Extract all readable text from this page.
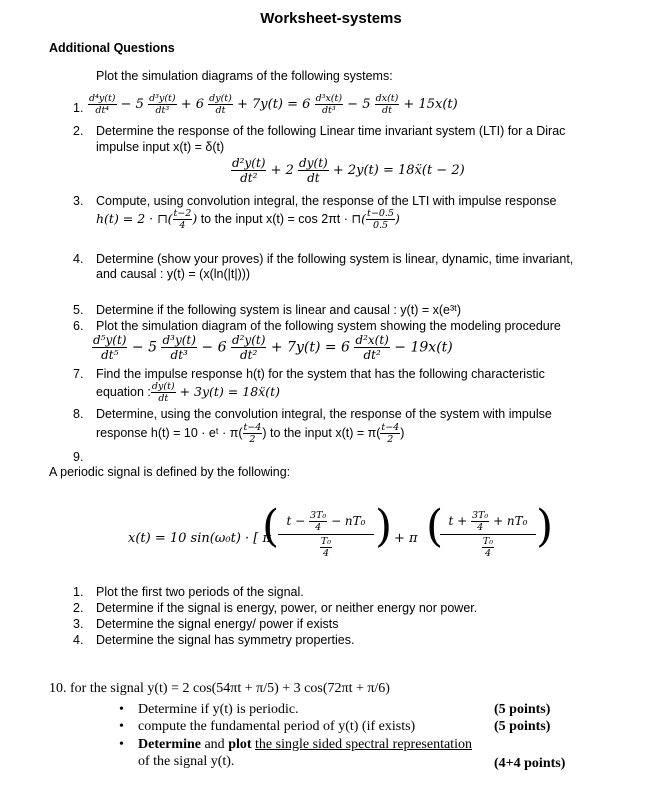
Worksheet-systems
Additional Questions
Plot the simulation diagrams of the following systems:
1. $\frac{\text{d⁴y(t)}}{\text{dt⁴}} - 5 \frac{\text{d³y(t)}}{\text{dt³}} + 6 \frac{dy(t)}{dt} + 7y(t) = 6 \frac{\text{d³x(t)}}{\text{dt³}} - 5 \frac{dx(t)}{dt} + 15x(t)$
2. Determine the response of the following Linear time invariant system (LTI) for a Dirac
impulse input x(t) = δ(t)
$\frac{\text{d²y(t)}}{\text{dt²}} + 2 \frac{dy(t)}{dt} + 2y(t)$ = 18ẍ(t − 2)
3. Compute, using convolution integral, the response of the LTI with impulse response
h(t) = 2 · ⊓( $\frac{t-2}{4}$ ) to the input x(t) = cos 2πt · ⊓( $\frac{t-0.5}{0.5}$ )
4. Determine (show your proves) if the following system is linear, dynamic, time invariant,
and causal : y(t) = (x(ln(|t|)))
5. Determine if the following system is linear and causal : y(t) = x(e³ᵗ)
6. Plot the simulation diagram of the following system showing the modeling procedure
$\frac{\text{d⁵y(t)}}{\text{dt⁵}} - 5 \frac{\text{d³y(t)}}{\text{dt³}} - 6 \frac{\text{d²y(t)}}{\text{dt²}} + 7y(t) = 6 \frac{\text{d²x(t)}}{\text{dt²}} - 19x(t)$
7. Find the impulse response h(t) for the system that has the following characteristic
equation : $\frac{dy(t)}{dt} + 3y(t)$ = 18ẍ(t)
8. Determine, using the convolution integral, the response of the system with impulse
response h(t) = 10 · eᵗ · $\pi( \frac{t-4}{2}$ ) to the input $x(t) = \pi( \frac{t-4}{2}$ )
9.
A periodic signal is defined by the following:
x(t) = 10 sin(ω₀t) · [ π
( $t - \frac{\text{3T₀}}{4} - nT_0$
$\frac{\text{T₀}}{4}$ ) + π ( $t + \frac{\text{3T₀}}{4} + nT_0$
$\frac{\text{T₀}}{4}$ )
1. Plot the first two periods of the signal.
2. Determine if the signal is energy, power, or neither energy nor power.
3. Determine the signal energy/ power if exists
4. Determine the signal has symmetry properties.
10. for the signal y(t) = 2 cos(54πt + π/5) + 3 cos(72πt + π/6)
• Determine if y(t) is periodic.	(5 points)
• compute the fundamental period of y(t) (if exists)	(5 points)
• Determine and plot the single sided spectral representation
of the signal y(t).	(4+4 points)
